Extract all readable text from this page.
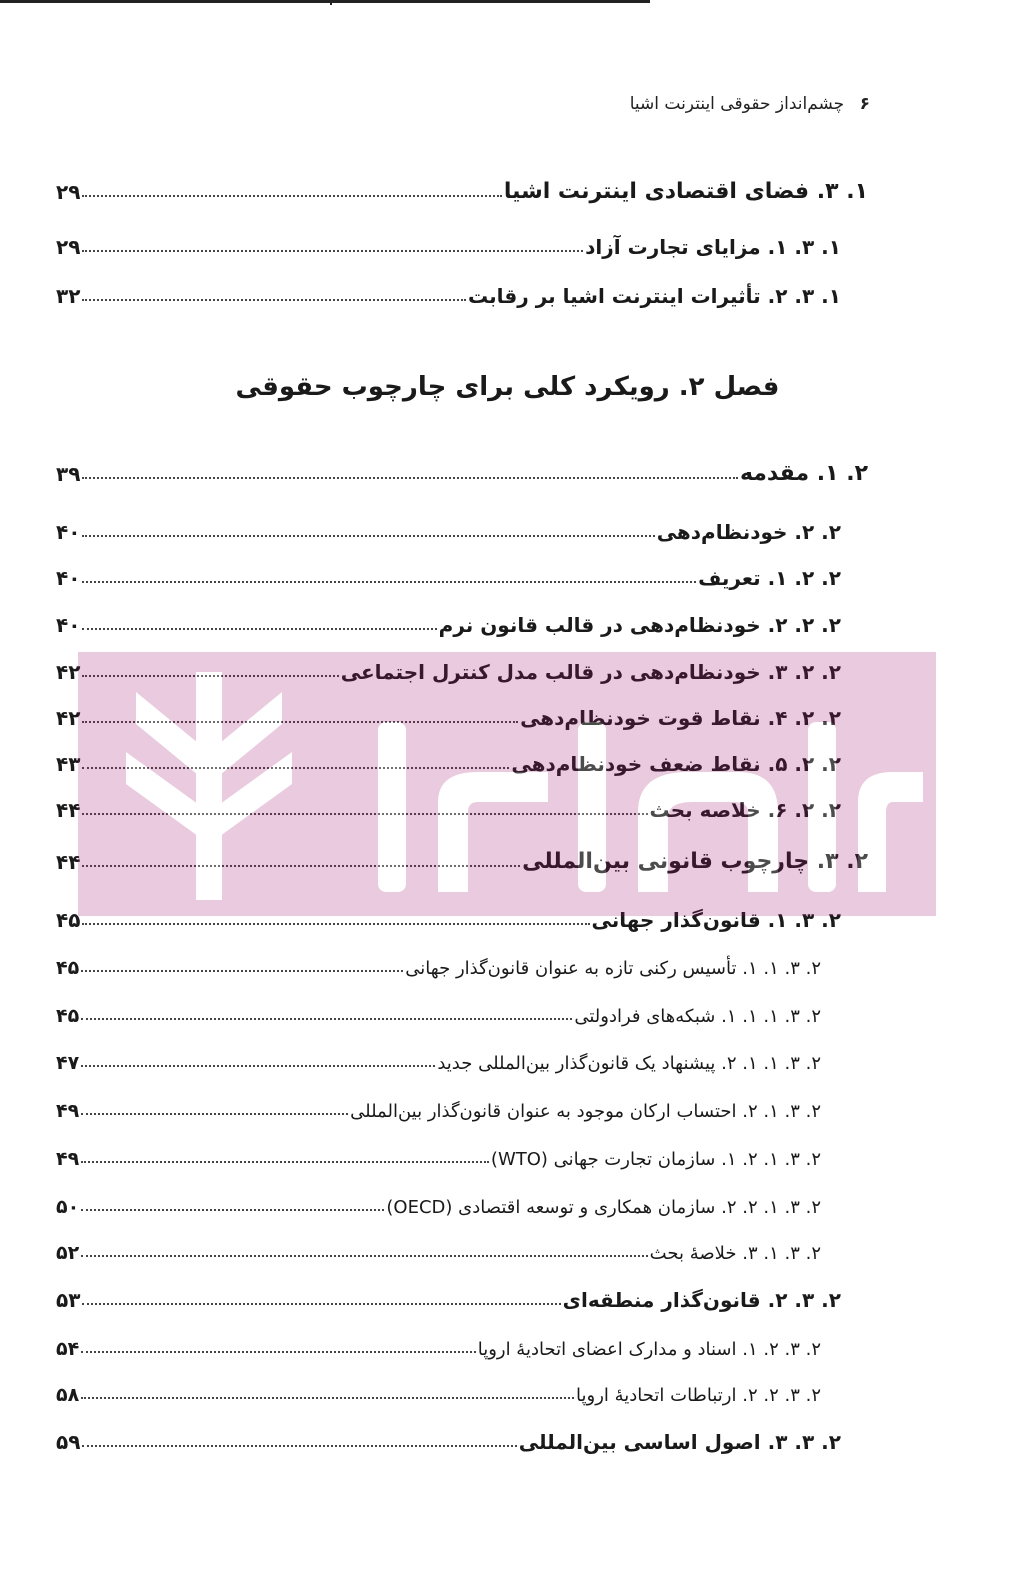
۶ چشم‌انداز حقوقی اینترنت اشیا
فصل ۲. رویکرد کلی برای چارچوب حقوقی
۱. ۳. فضای اقتصادی اینترنت اشیا
۲۹
۱. ۳. ۱. مزایای تجارت آزاد
۲۹
۱. ۳. ۲. تأثیرات اینترنت اشیا بر رقابت
۳۲
۲. ۱. مقدمه
۳۹
۲. ۲. خودنظام‌دهی
۴۰
۲. ۲. ۱. تعریف
۴۰
۲. ۲. ۲. خودنظام‌دهی در قالب قانون نرم
۴۰
۲. ۲. ۳. خودنظام‌دهی در قالب مدل کنترل اجتماعی
۴۲
۲. ۲. ۴. نقاط قوت خودنظام‌دهی
۴۲
۲. ۲. ۵. نقاط ضعف خودنظام‌دهی
۴۳
۲. ۲. ۶. خلاصه بحث
۴۴
۲. ۳. چارچوب قانونی بین‌المللی
۴۴
۲. ۳. ۱. قانون‌گذار جهانی
۴۵
۲. ۳. ۱. ۱. تأسیس رکنی تازه به عنوان قانون‌گذار جهانی
۴۵
۲. ۳. ۱. ۱. ۱. شبکه‌های فرادولتی
۴۵
۲. ۳. ۱. ۱. ۲. پیشنهاد یک قانون‌گذار بین‌المللی جدید
۴۷
۲. ۳. ۱. ۲. احتساب ارکان موجود به عنوان قانون‌گذار بین‌المللی
۴۹
۲. ۳. ۱. ۲. ۱. سازمان تجارت جهانی (WTO)
۴۹
۲. ۳. ۱. ۲. ۲. سازمان همکاری و توسعه اقتصادی (OECD)
۵۰
۲. ۳. ۱. ۳. خلاصهٔ بحث
۵۲
۲. ۳. ۲. قانون‌گذار منطقه‌ای
۵۳
۲. ۳. ۲. ۱. اسناد و مدارک اعضای اتحادیهٔ اروپا
۵۴
۲. ۳. ۲. ۲. ارتباطات اتحادیهٔ اروپا
۵۸
۲. ۳. ۳. اصول اساسی بین‌المللی
۵۹
